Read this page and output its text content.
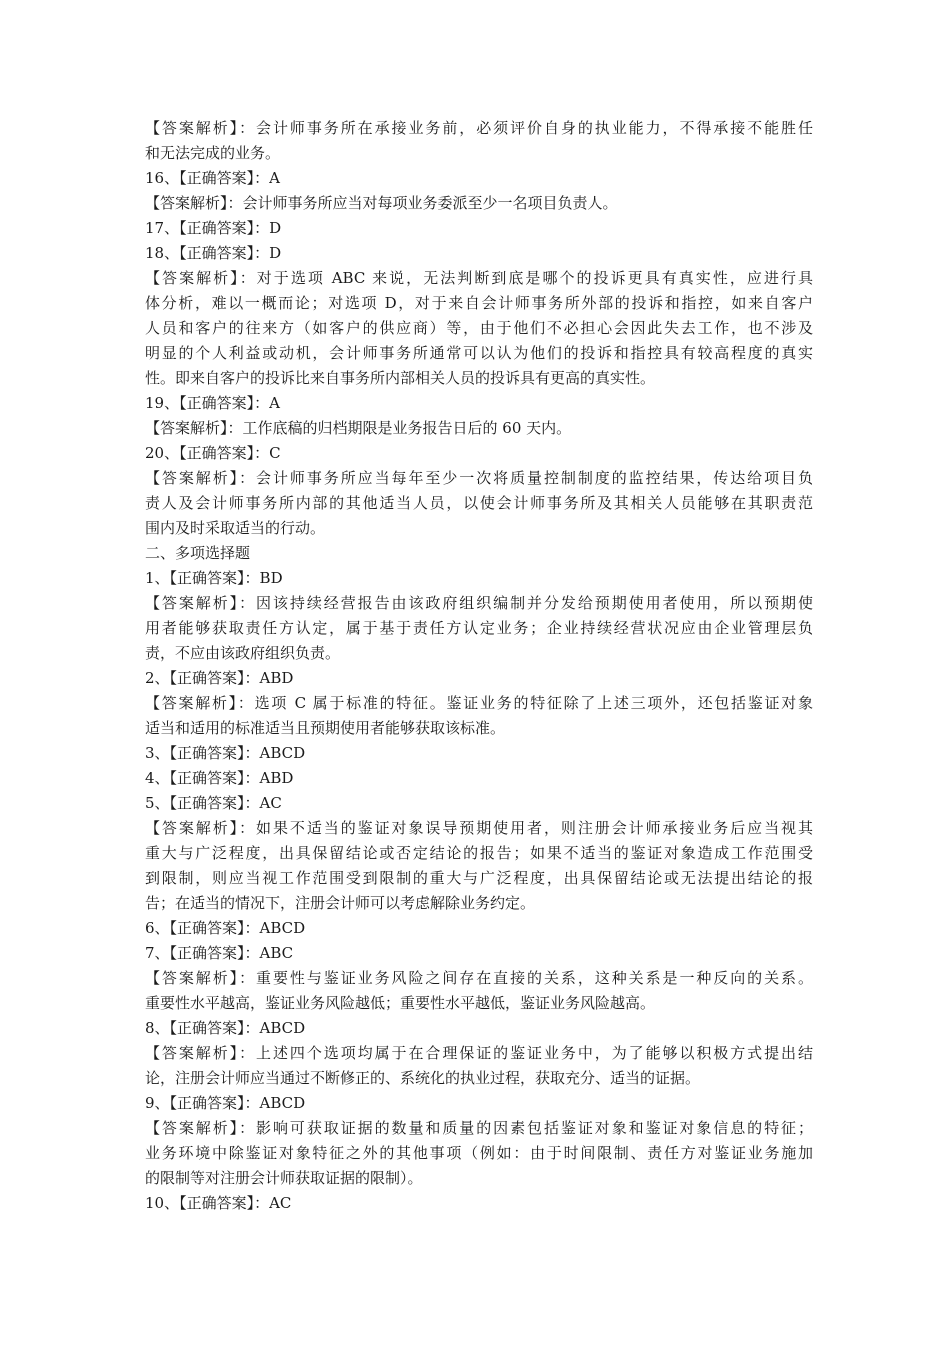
【答案解析】：会计师事务所在承接业务前，必须评价自身的执业能力，不得承接不能胜任
和无法完成的业务。
16、【正确答案】：A
【答案解析】：会计师事务所应当对每项业务委派至少一名项目负责人。
17、【正确答案】：D
18、【正确答案】：D
【答案解析】：对于选项 ABC 来说，无法判断到底是哪个的投诉更具有真实性，应进行具
体分析，难以一概而论；对选项 D，对于来自会计师事务所外部的投诉和指控，如来自客户
人员和客户的往来方（如客户的供应商）等，由于他们不必担心会因此失去工作，也不涉及
明显的个人利益或动机，会计师事务所通常可以认为他们的投诉和指控具有较高程度的真实
性。即来自客户的投诉比来自事务所内部相关人员的投诉具有更高的真实性。
19、【正确答案】：A
【答案解析】：工作底稿的归档期限是业务报告日后的 60 天内。
20、【正确答案】：C
【答案解析】：会计师事务所应当每年至少一次将质量控制制度的监控结果，传达给项目负
责人及会计师事务所内部的其他适当人员，以使会计师事务所及其相关人员能够在其职责范
围内及时采取适当的行动。
二、多项选择题
1、【正确答案】：BD
【答案解析】：因该持续经营报告由该政府组织编制并分发给预期使用者使用，所以预期使
用者能够获取责任方认定，属于基于责任方认定业务；企业持续经营状况应由企业管理层负
责，不应由该政府组织负责。
2、【正确答案】：ABD
【答案解析】：选项 C 属于标准的特征。鉴证业务的特征除了上述三项外，还包括鉴证对象
适当和适用的标准适当且预期使用者能够获取该标准。
3、【正确答案】：ABCD
4、【正确答案】：ABD
5、【正确答案】：AC
【答案解析】：如果不适当的鉴证对象误导预期使用者，则注册会计师承接业务后应当视其
重大与广泛程度，出具保留结论或否定结论的报告；如果不适当的鉴证对象造成工作范围受
到限制，则应当视工作范围受到限制的重大与广泛程度，出具保留结论或无法提出结论的报
告；在适当的情况下，注册会计师可以考虑解除业务约定。
6、【正确答案】：ABCD
7、【正确答案】：ABC
【答案解析】：重要性与鉴证业务风险之间存在直接的关系，这种关系是一种反向的关系。
重要性水平越高，鉴证业务风险越低；重要性水平越低，鉴证业务风险越高。
8、【正确答案】：ABCD
【答案解析】：上述四个选项均属于在合理保证的鉴证业务中，为了能够以积极方式提出结
论，注册会计师应当通过不断修正的、系统化的执业过程，获取充分、适当的证据。
9、【正确答案】：ABCD
【答案解析】：影响可获取证据的数量和质量的因素包括鉴证对象和鉴证对象信息的特征；
业务环境中除鉴证对象特征之外的其他事项（例如：由于时间限制、责任方对鉴证业务施加
的限制等对注册会计师获取证据的限制）。
10、【正确答案】：AC
